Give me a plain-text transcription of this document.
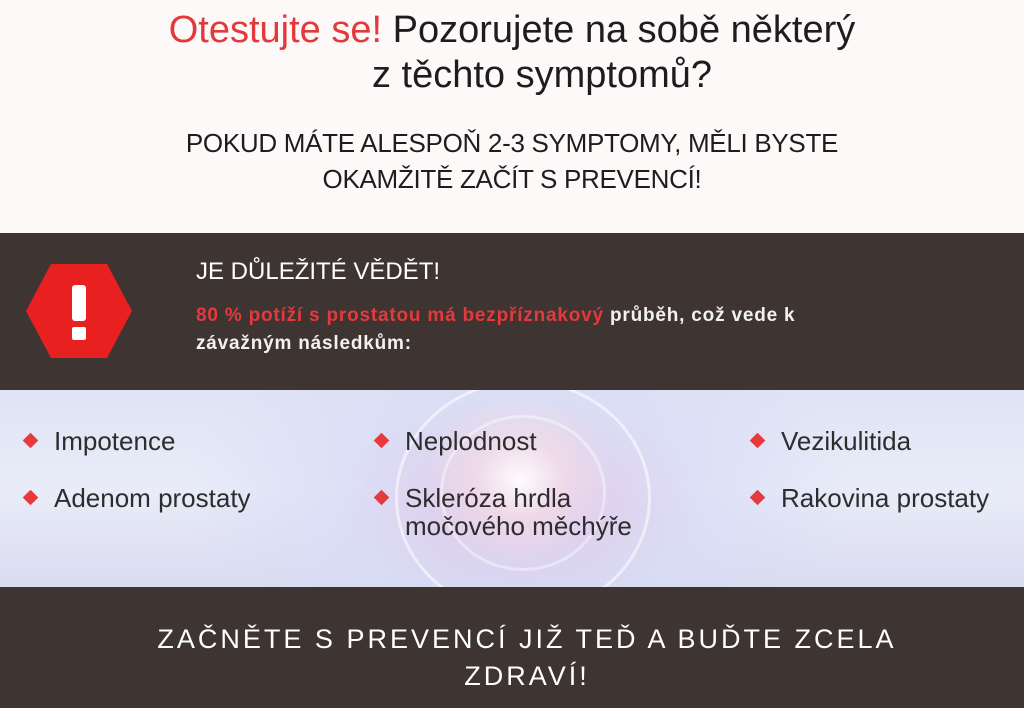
Otestujte se! Pozorujete na sobě některý
z těchto symptomů?
POKUD MÁTE ALESPOŇ 2-3 SYMPTOMY, MĚLI BYSTE
OKAMŽITĚ ZAČÍT S PREVENCÍ!
JE DŮLEŽITÉ VĚDĚT!
80 % potíží s prostatou má bezpříznakový průběh, což vede k
závažným následkům:
Impotence	Neplodnost	Vezikulitida
Adenom prostaty	Skleróza hrdla
močového měchýře
Rakovina prostaty
ZAČNĚTE S PREVENCÍ JIŽ TEĎ A BUĎTE ZCELA
ZDRAVÍ!
